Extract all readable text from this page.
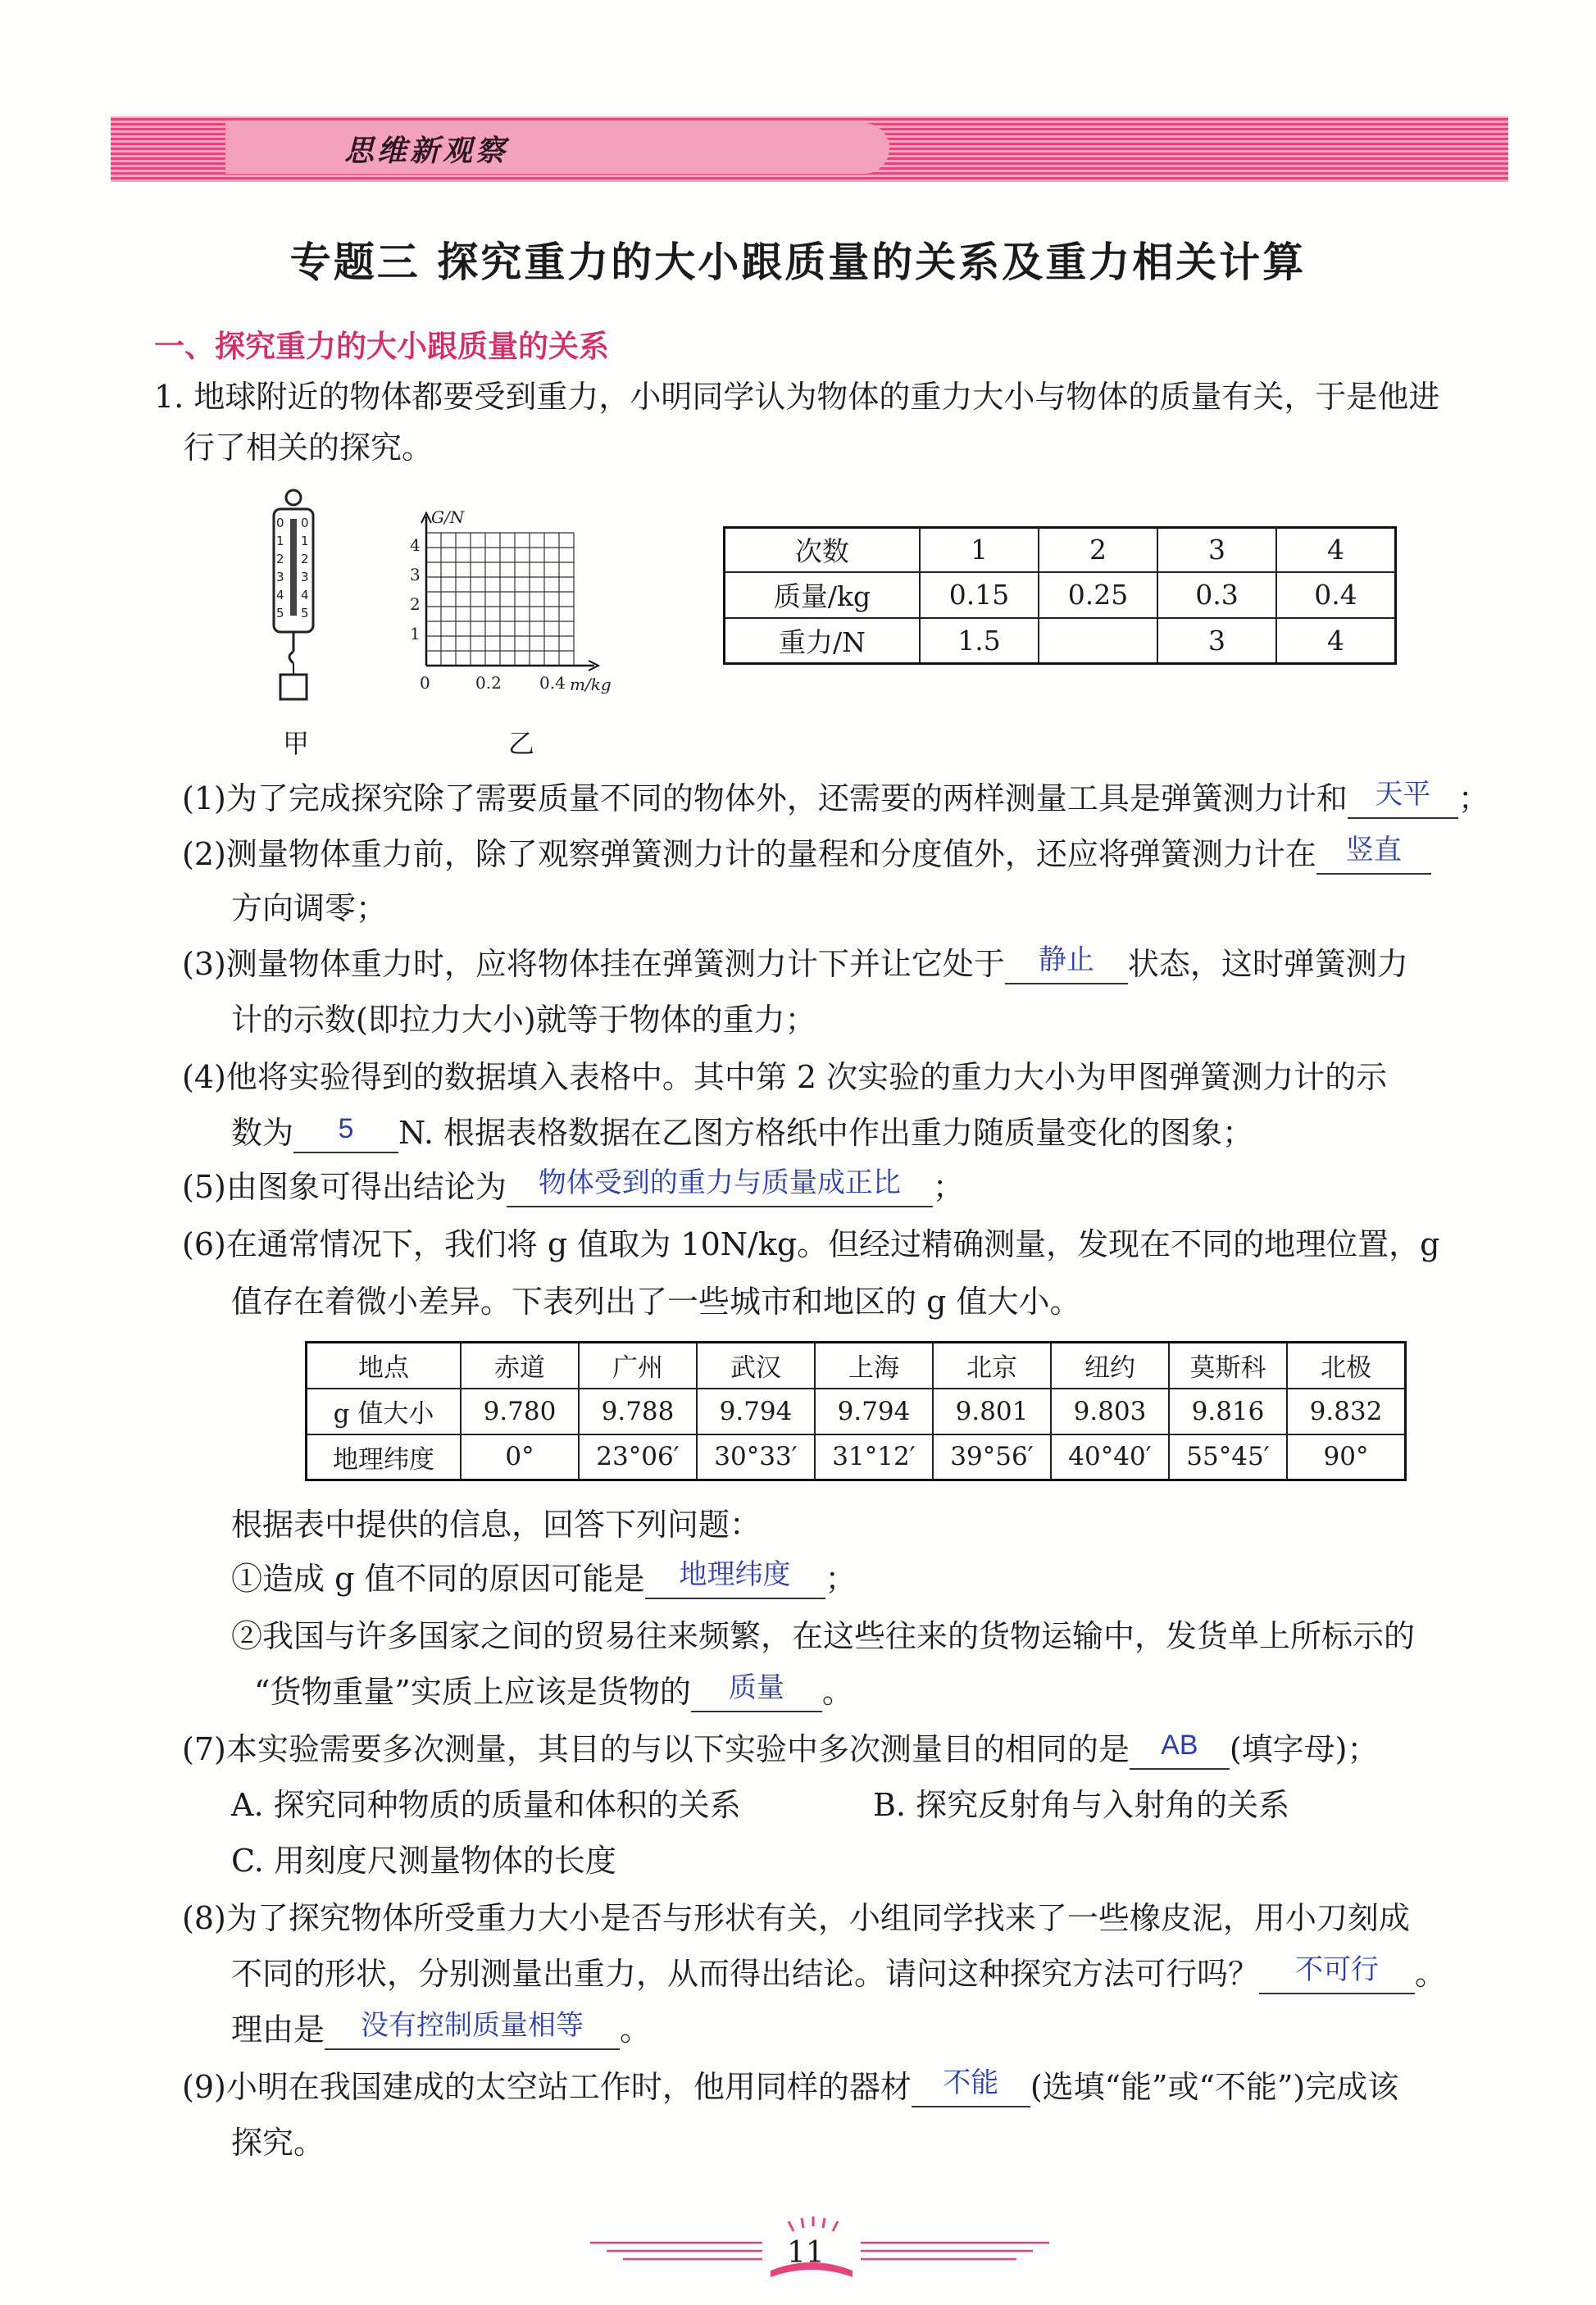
思维新观察
专题三 探究重力的大小跟质量的关系及重力相关计算
一、探究重力的大小跟质量的关系
1. 地球附近的物体都要受到重力，小明同学认为物体的重力大小与物体的质量有关，于是他进
行了相关的探究。
0
1
2
3
4
5
0
1
2
3
4
5
甲
G/N
4
3
2
1
0	0.2 0.4 m/kg
乙
次数	1	2	3	4
质量/kg	0.15	0.25	0.3	0.4
重力/N	1.5		3	4
(1)为了完成探究除了需要质量不同的物体外，还需要的两样测量工具是弹簧测力计和 天平 ；
(2)测量物体重力前，除了观察弹簧测力计的量程和分度值外，还应将弹簧测力计在	竖直
方向调零；
(3)测量物体重力时，应将物体挂在弹簧测力计下并让它处于	静止	状态，这时弹簧测力
计的示数(即拉力大小)就等于物体的重力；
(4)他将实验得到的数据填入表格中。其中第 2 次实验的重力大小为甲图弹簧测力计的示
数为	5	N. 根据表格数据在乙图方格纸中作出重力随质量变化的图象；
(5)由图象可得出结论为	物体受到的重力与质量成正比	；
(6)在通常情况下，我们将 g 值取为 10N/kg。但经过精确测量，发现在不同的地理位置，g
值存在着微小差异。下表列出了一些城市和地区的 g 值大小。
地点	赤道	广州	武汉	上海	北京	纽约	莫斯科	北极
g 值大小	9.780	9.788	9.794	9.794	9.801	9.803	9.816	9.832
地理纬度	0°	23°06′	30°33′	31°12′	39°56′	40°40′	55°45′	90°
根据表中提供的信息，回答下列问题：
①造成 g 值不同的原因可能是	地理纬度	；
②我国与许多国家之间的贸易往来频繁，在这些往来的货物运输中，发货单上所标示的
“货物重量”实质上应该是货物的	质量	。
(7)本实验需要多次测量，其目的与以下实验中多次测量目的相同的是	AB	(填字母)；
A. 探究同种物质的质量和体积的关系	B. 探究反射角与入射角的关系
C. 用刻度尺测量物体的长度
(8)为了探究物体所受重力大小是否与形状有关，小组同学找来了一些橡皮泥，用小刀刻成
不同的形状，分别测量出重力，从而得出结论。请问这种探究方法可行吗？	不可行	。
理由是	没有控制质量相等	。
(9)小明在我国建成的太空站工作时，他用同样的器材	不能	(选填“能”或“不能”)完成该
探究。
11
